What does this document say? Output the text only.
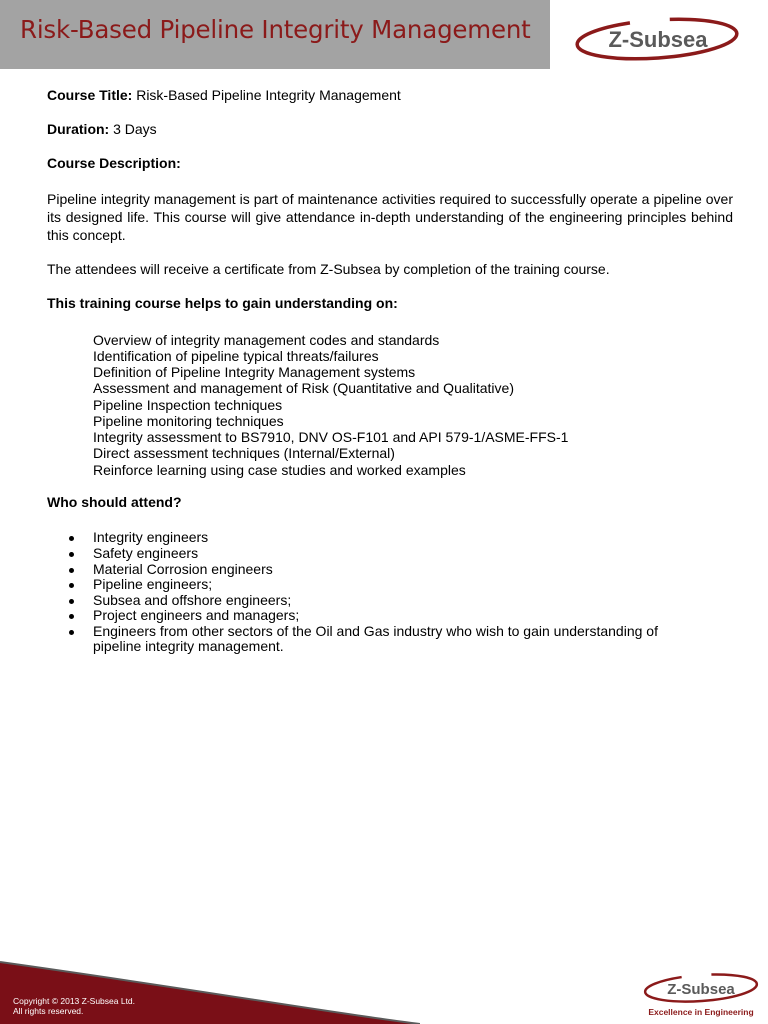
Risk-Based Pipeline Integrity Management	Z-Subsea
Course Title: Risk-Based Pipeline Integrity Management
Duration: 3 Days
Course Description:
Pipeline integrity management is part of maintenance activities required to successfully operate a pipeline over its designed life. This course will give attendance in-depth understanding of the engineering principles behind this concept.
The attendees will receive a certificate from Z-Subsea by completion of the training course.
This training course helps to gain understanding on:
Overview of integrity management codes and standards
Identification of pipeline typical threats/failures
Definition of Pipeline Integrity Management systems
Assessment and management of Risk (Quantitative and Qualitative)
Pipeline Inspection techniques
Pipeline monitoring techniques
Integrity assessment to BS7910, DNV OS-F101 and API 579-1/ASME-FFS-1
Direct assessment techniques (Internal/External)
Reinforce learning using case studies and worked examples
Who should attend?
Integrity engineers
Safety engineers
Material Corrosion engineers
Pipeline engineers;
Subsea and offshore engineers;
Project engineers and managers;
Engineers from other sectors of the Oil and Gas industry who wish to gain understanding of
pipeline integrity management.
Copyright © 2013 Z-Subsea Ltd.
All rights reserved.
Z-Subsea
Excellence in Engineering
